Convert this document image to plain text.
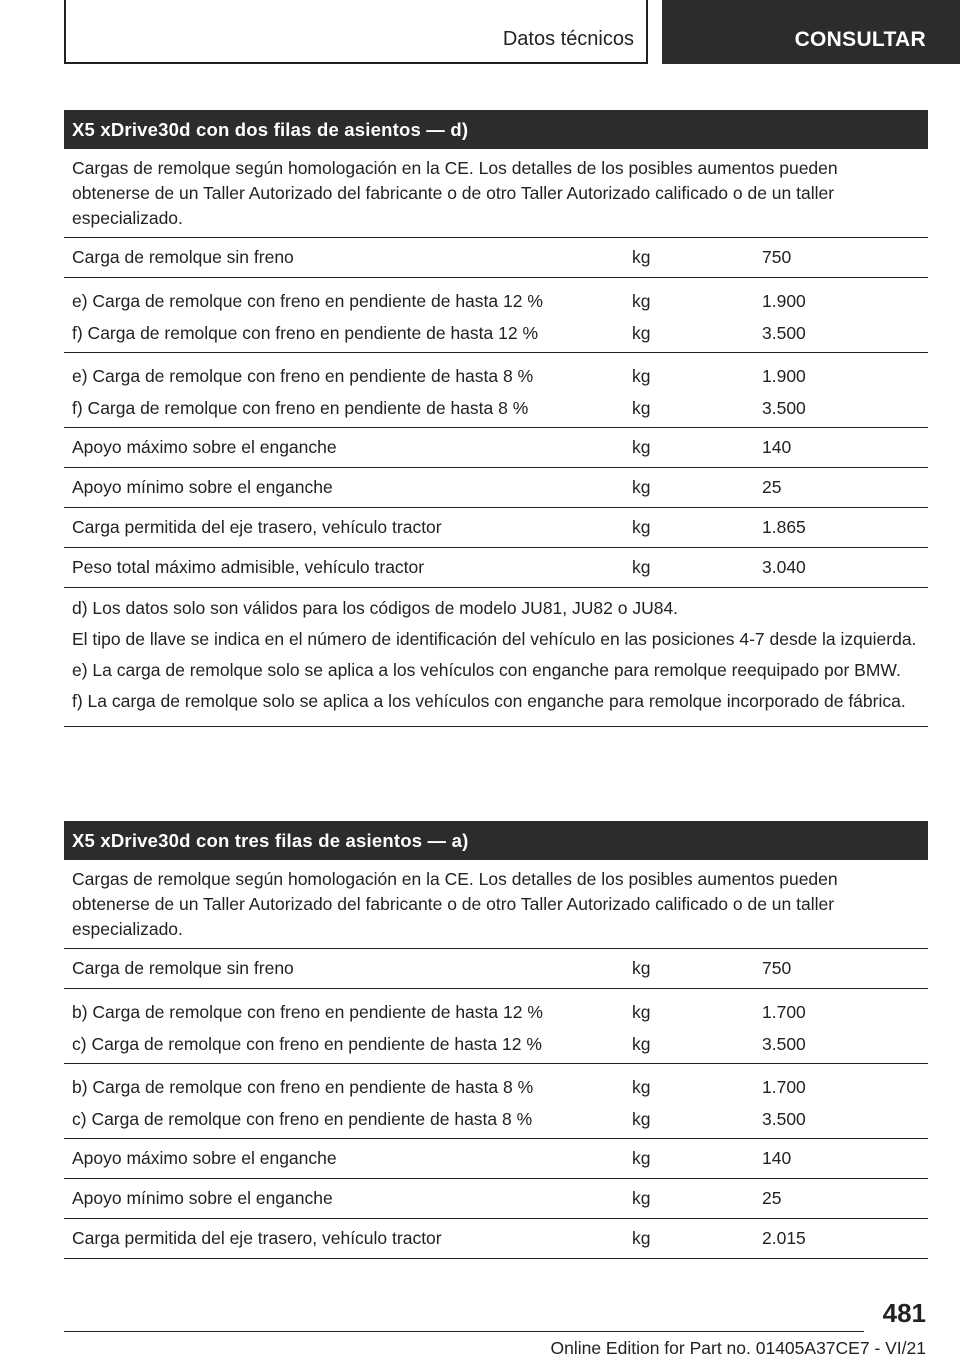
Datos técnicos	CONSULTAR
X5 xDrive30d con dos filas de asientos — d)
Cargas de remolque según homologación en la CE. Los detalles de los posibles aumentos pueden obtenerse de un Taller Autorizado del fabricante o de otro Taller Autorizado calificado o de un taller especializado.
Carga de remolque sin freno	kg	750
e) Carga de remolque con freno en pendiente de hasta 12 %	kg	1.900
f) Carga de remolque con freno en pendiente de hasta 12 %	kg	3.500
e) Carga de remolque con freno en pendiente de hasta 8 %	kg	1.900
f) Carga de remolque con freno en pendiente de hasta 8 %	kg	3.500
Apoyo máximo sobre el enganche	kg	140
Apoyo mínimo sobre el enganche	kg	25
Carga permitida del eje trasero, vehículo tractor	kg	1.865
Peso total máximo admisible, vehículo tractor	kg	3.040

d) Los datos solo son válidos para los códigos de modelo JU81, JU82 o JU84.

El tipo de llave se indica en el número de identificación del vehículo en las posiciones 4-7 desde la izquierda.

e) La carga de remolque solo se aplica a los vehículos con enganche para remolque reequipado por BMW.

f) La carga de remolque solo se aplica a los vehículos con enganche para remolque incorporado de fábrica.

X5 xDrive30d con tres filas de asientos — a)
Cargas de remolque según homologación en la CE. Los detalles de los posibles aumentos pueden obtenerse de un Taller Autorizado del fabricante o de otro Taller Autorizado calificado o de un taller especializado.
Carga de remolque sin freno	kg	750
b) Carga de remolque con freno en pendiente de hasta 12 %	kg	1.700
c) Carga de remolque con freno en pendiente de hasta 12 %	kg	3.500
b) Carga de remolque con freno en pendiente de hasta 8 %	kg	1.700
c) Carga de remolque con freno en pendiente de hasta 8 %	kg	3.500
Apoyo máximo sobre el enganche	kg	140
Apoyo mínimo sobre el enganche	kg	25
Carga permitida del eje trasero, vehículo tractor	kg	2.015
481
Online Edition for Part no. 01405A37CE7 - VI/21
